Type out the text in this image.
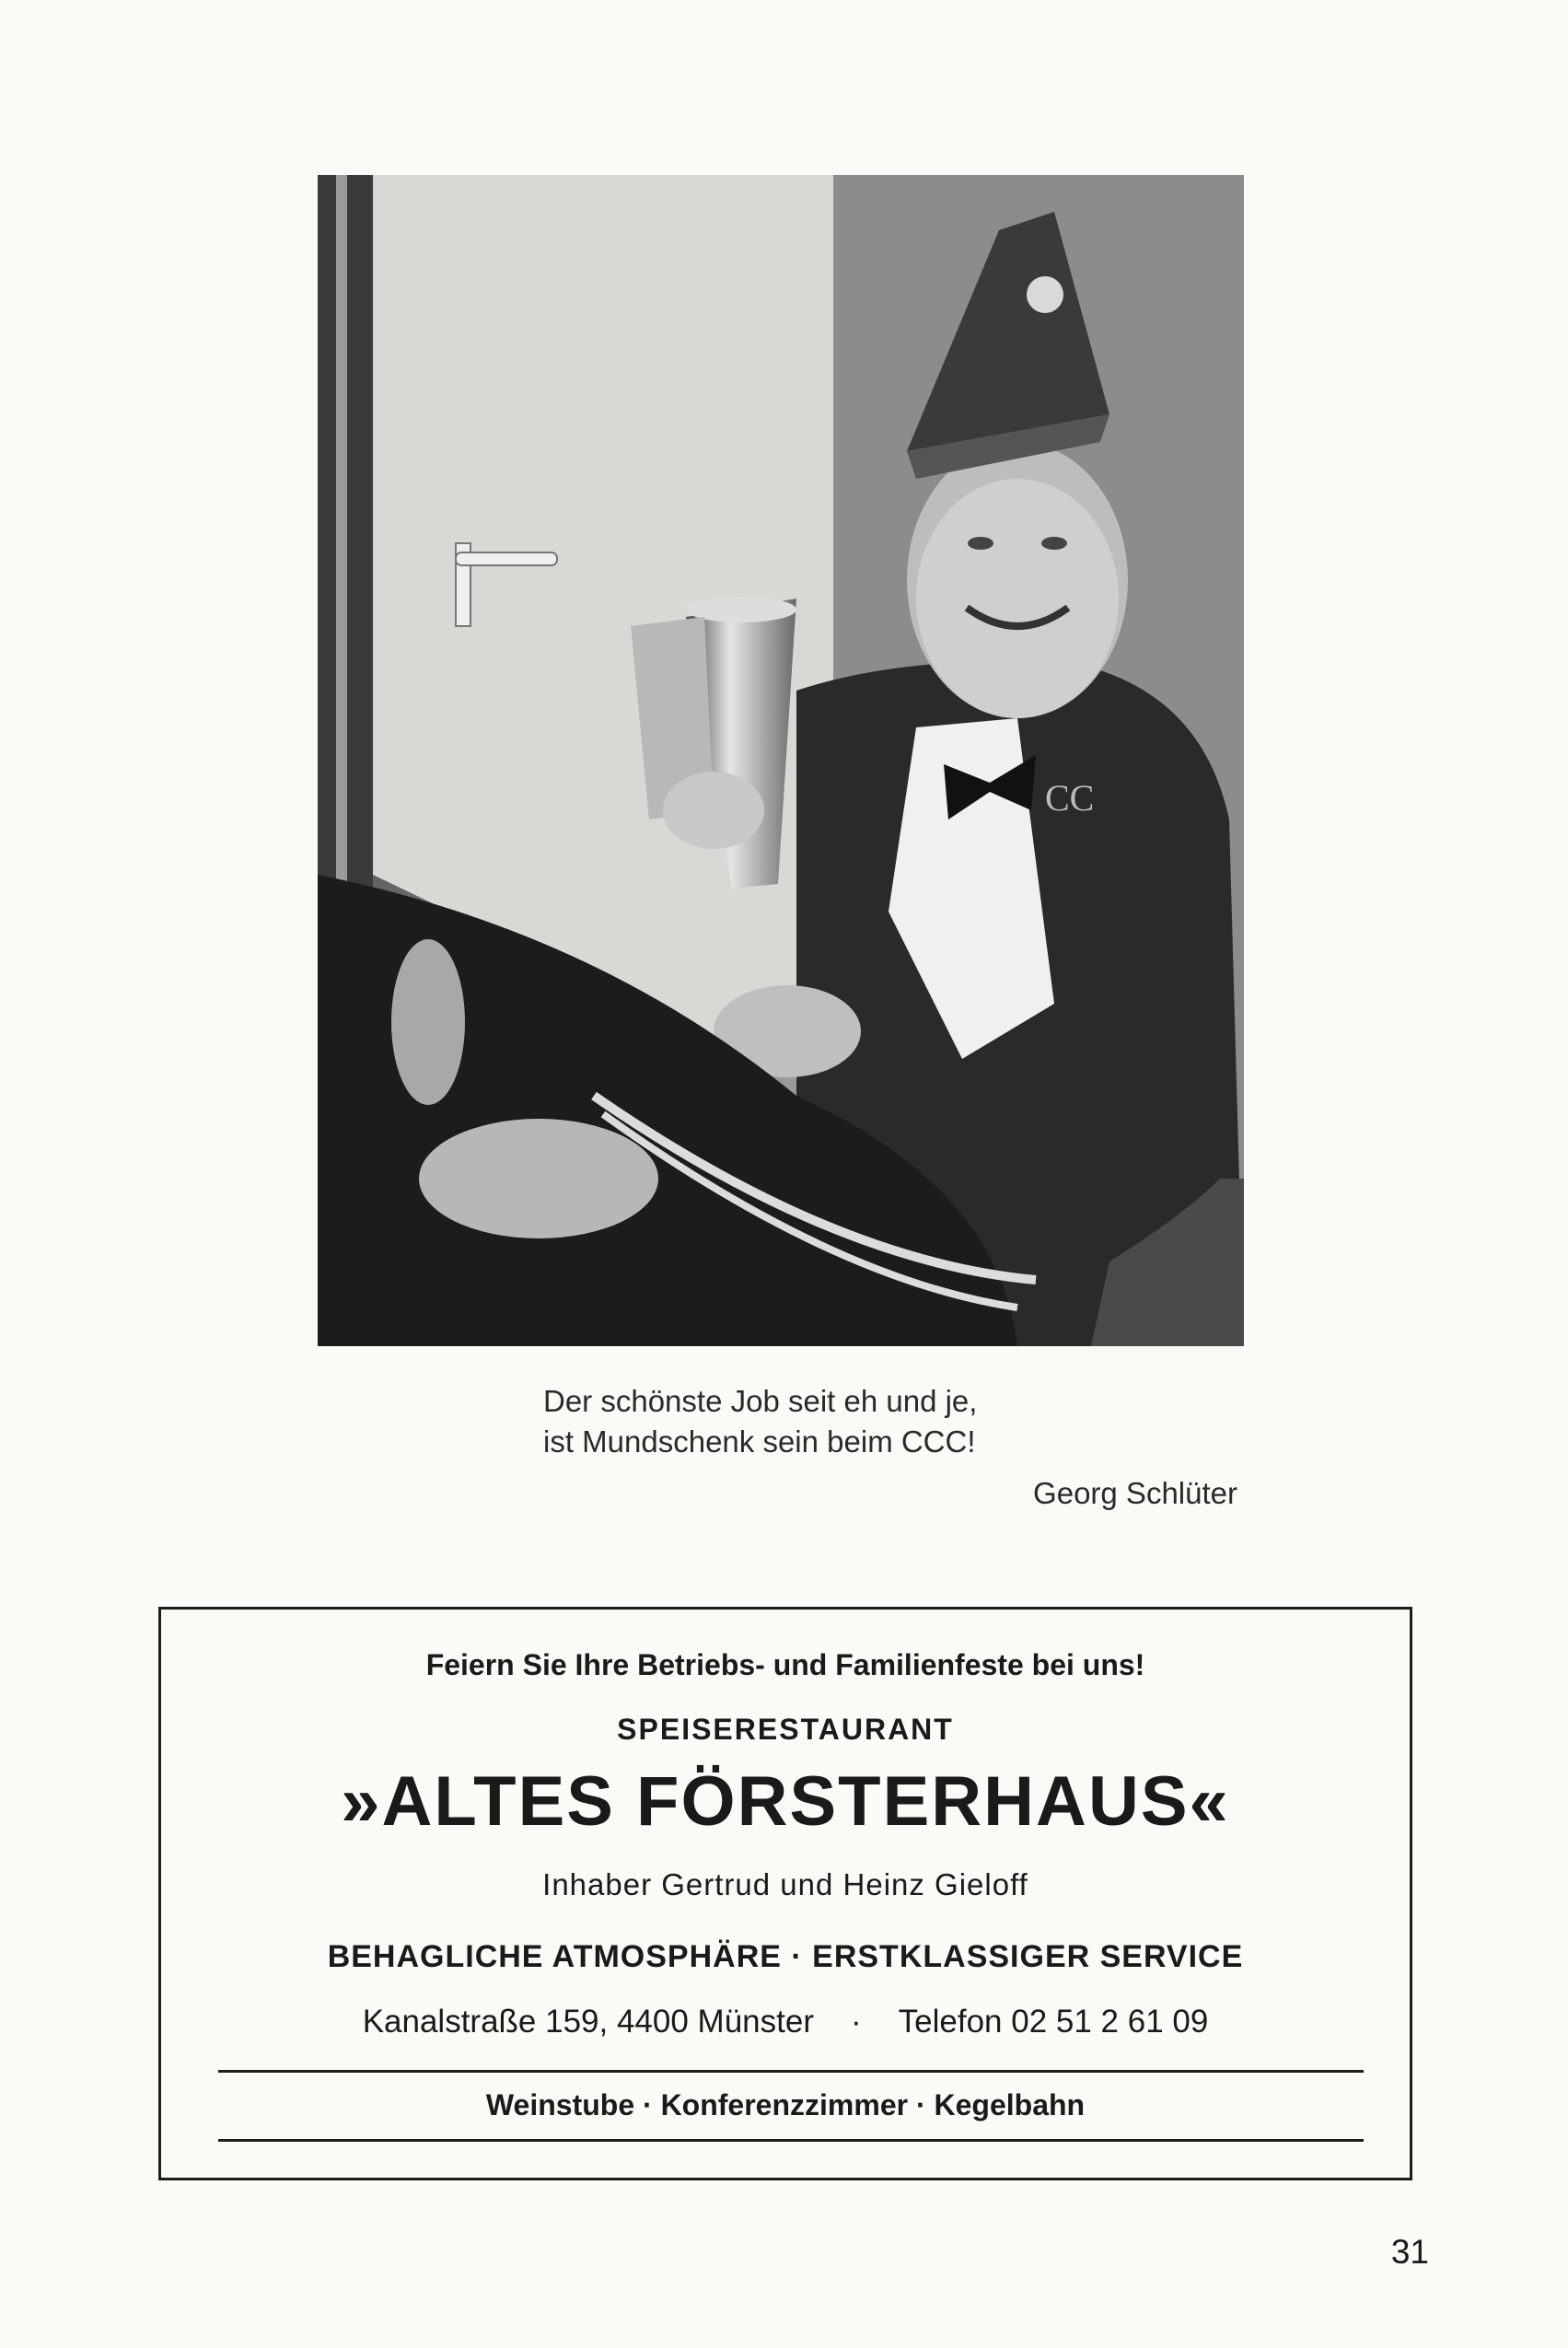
CC
Der schönste Job seit eh und je,
ist Mundschenk sein beim CCC!
Georg Schlüter
Feiern Sie Ihre Betriebs- und Familienfeste bei uns!
SPEISERESTAURANT
»ALTES FÖRSTERHAUS«
Inhaber Gertrud und Heinz Gieloff
BEHAGLICHE ATMOSPHÄRE · ERSTKLASSIGER SERVICE
Kanalstraße 159, 4400 Münster · Telefon 02 51 2 61 09
Weinstube · Konferenzzimmer · Kegelbahn
31
